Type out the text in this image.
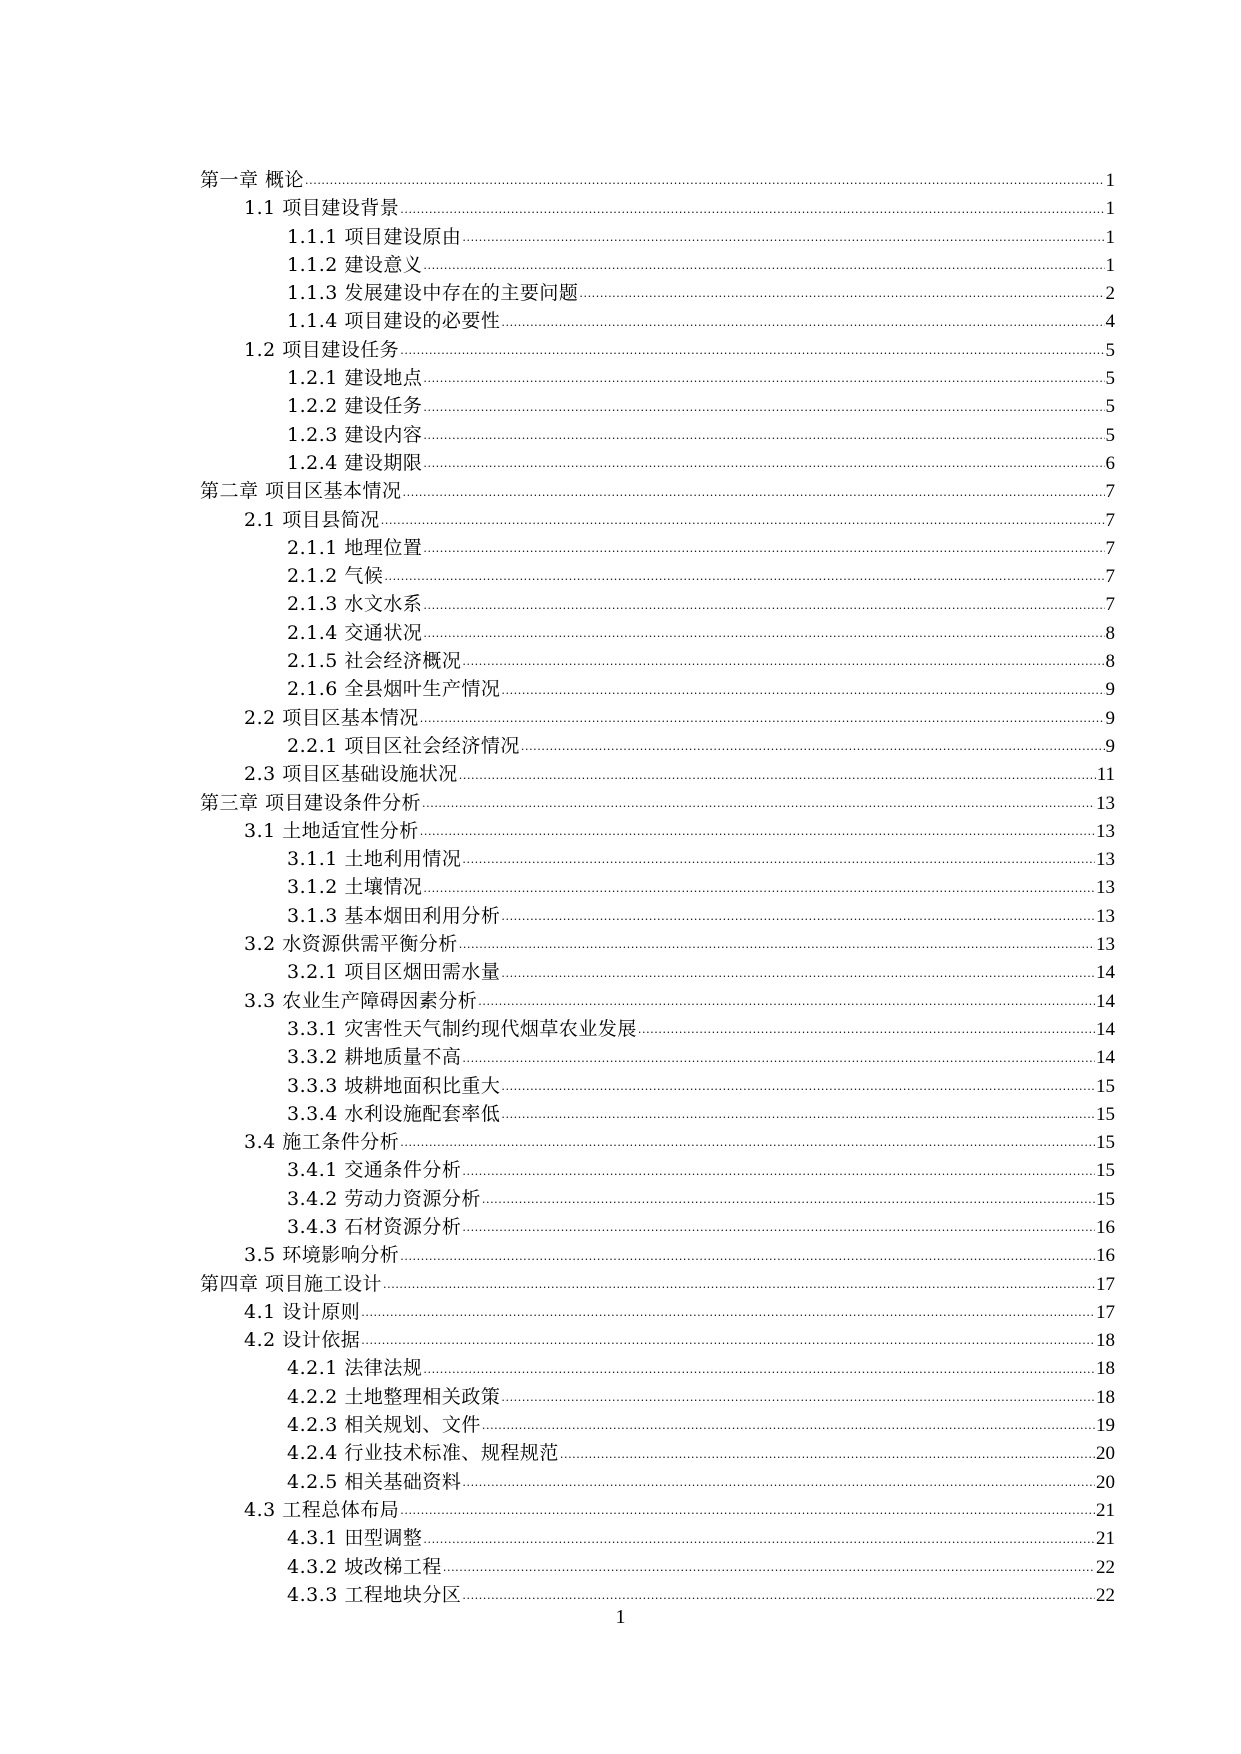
第一章 概论 .....	1
1.1 项目建设背景 .....	1
1.1.1 项目建设原由 .....	1
1.1.2 建设意义 .....	1
1.1.3 发展建设中存在的主要问题 .....	2
1.1.4 项目建设的必要性 .....	4
1.2 项目建设任务 .....	5
1.2.1 建设地点 .....	5
1.2.2 建设任务 .....	5
1.2.3 建设内容 .....	5
1.2.4 建设期限 .....	6
第二章 项目区基本情况 .....	7
2.1 项目县简况 .....	7
2.1.1 地理位置 .....	7
2.1.2 气候 .....	7
2.1.3 水文水系 .....	7
2.1.4 交通状况 .....	8
2.1.5 社会经济概况 .....	8
2.1.6 全县烟叶生产情况 .....	9
2.2 项目区基本情况 .....	9
2.2.1 项目区社会经济情况 .....	9
2.3 项目区基础设施状况 .....	11
第三章 项目建设条件分析 .....	13
3.1 土地适宜性分析 .....	13
3.1.1 土地利用情况 .....	13
3.1.2 土壤情况 .....	13
3.1.3 基本烟田利用分析 .....	13
3.2 水资源供需平衡分析 .....	13
3.2.1 项目区烟田需水量 .....	14
3.3 农业生产障碍因素分析 .....	14
3.3.1 灾害性天气制约现代烟草农业发展 .....	14
3.3.2 耕地质量不高 .....	14
3.3.3 坡耕地面积比重大 .....	15
3.3.4 水利设施配套率低 .....	15
3.4 施工条件分析 .....	15
3.4.1 交通条件分析 .....	15
3.4.2 劳动力资源分析 .....	15
3.4.3 石材资源分析 .....	16
3.5 环境影响分析 .....	16
第四章 项目施工设计 .....	17
4.1 设计原则 .....	17
4.2 设计依据 .....	18
4.2.1 法律法规 .....	18
4.2.2 土地整理相关政策 .....	18
4.2.3 相关规划、文件 .....	19
4.2.4 行业技术标准、规程规范 .....	20
4.2.5 相关基础资料 .....	20
4.3 工程总体布局 .....	21
4.3.1 田型调整 .....	21
4.3.2 坡改梯工程 .....	22
4.3.3 工程地块分区 .....	22
1
